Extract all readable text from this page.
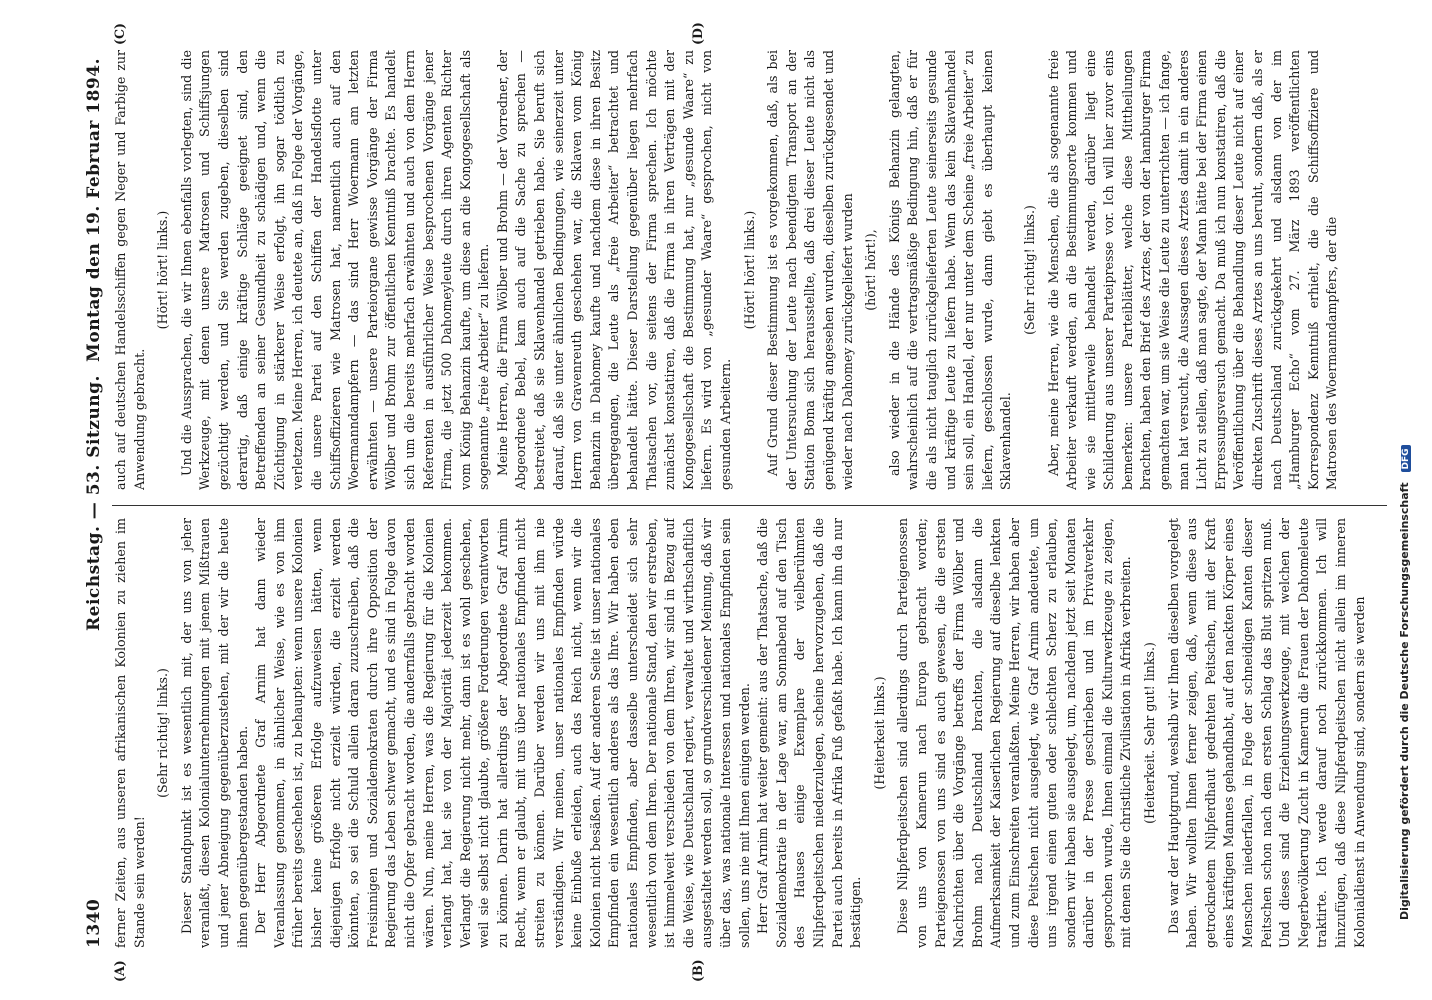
1340
Reichstag. — 53. Sitzung.
Montag den 19. Februar 1894.
(A)	(B)
(C)	(D)

ferner Zeiten, aus unseren afrikanischen Kolonien zu ziehen im Stande sein werden!

(Sehr richtig! links.) Dieser Standpunkt ist es wesentlich mit, der uns von jeher veranlaßt, diesen Kolonialunternehmungen mit jenem Mißtrauen und jener Abneigung gegenüberzustehen, mit der wir die heute ihnen gegenübergestanden haben. Der Herr Abgeordnete Graf Arnim hat dann wieder Veranlassung genommen, in ähnlicher Weise, wie es von ihm früher bereits geschehen ist, zu behaupten: wenn unsere Kolonien bisher keine größeren Erfolge aufzuweisen hätten, wenn diejenigen Erfolge nicht erzielt würden, die erzielt werden könnten, so sei die Schuld allein daran zuzuschreiben, daß die Freisinnigen und Sozialdemokraten durch ihre Opposition der Regierung das Leben schwer gemacht, und es sind in Folge davon nicht die Opfer gebracht worden, die andernfalls gebracht worden wären. Nun, meine Herren, was die Regierung für die Kolonien verlangt hat, hat sie von der Majorität jederzeit bekommen. Verlangt die Regierung nicht mehr, dann ist es wohl geschehen, weil sie selbst nicht glaubte, größere Forderungen verantworten zu können. Darin hat allerdings der Abgeordnete Graf Arnim Recht, wenn er glaubt, mit uns über nationales Empfinden nicht streiten zu können. Darüber werden wir uns mit ihm nie verständigen. Wir meinen, unser nationales Empfinden würde keine Einbuße erleiden, auch das Reich nicht, wenn wir die Kolonien nicht besäßen. Auf der anderen Seite ist unser nationales Empfinden ein wesentlich anderes als das Ihre. Wir haben eben nationales Empfinden, aber dasselbe unterscheidet sich sehr wesentlich von dem Ihren. Der nationale Stand, den wir erstreben, ist himmelweit verschieden von dem Ihren, wir sind in Bezug auf die Weise, wie Deutschland regiert, verwaltet und wirthschaftlich ausgestaltet werden soll, so grundverschiedener Meinung, daß wir über das, was nationale Interessen und nationales Empfinden sein sollen, uns nie mit Ihnen einigen werden. Herr Graf Arnim hat weiter gemeint: aus der Thatsache, daß die Sozialdemokratie in der Lage war, am Sonnabend auf den Tisch des Hauses einige Exemplare der vielberühmten Nilpferdpeitschen niederzulegen, scheine hervorzugehen, daß die Partei auch bereits in Afrika Fuß gefaßt habe. Ich kann ihn da nur bestätigen.

(Heiterkeit links.) Diese Nilpferdpeitschen sind allerdings durch Parteigenossen von uns von Kamerun nach Europa gebracht worden; Parteigenossen von uns sind es auch gewesen, die die ersten Nachrichten über die Vorgänge betreffs der Firma Wölber und Brohm nach Deutschland brachten, die alsdann die Aufmerksamkeit der Kaiserlichen Regierung auf dieselbe lenkten und zum Einschreiten veranlaßten. Meine Herren, wir haben aber diese Peitschen nicht ausgelegt, wie Graf Arnim andeutete, um uns irgend einen guten oder schlechten Scherz zu erlauben, sondern wir haben sie ausgelegt, um, nachdem jetzt seit Monaten darüber in der Presse geschrieben und im Privatverkehr gesprochen wurde, Ihnen einmal die Kulturwerkzeuge zu zeigen, mit denen Sie die christliche Zivilisation in Afrika verbreiten. (Heiterkeit. Sehr gut! links.) Das war der Hauptgrund, weshalb wir Ihnen dieselben vorgelegt haben. Wir wollten Ihnen ferner zeigen, daß, wenn diese aus getrocknetem Nilpferdhaut gedrehten Peitschen, mit der Kraft eines kräftigen Mannes gehandhabt, auf den nackten Körper eines Menschen niederfallen, in Folge der schneidigen Kanten dieser Peitschen schon nach dem ersten Schlag das Blut spritzen muß. Und dieses sind die Erziehungswerkzeuge, mit welchen der Negerbevölkerung Zucht in Kamerun die Frauen der Dahomeleute traktirte. Ich werde darauf noch zurückkommen. Ich will hinzufügen, daß diese Nilpferdpeitschen nicht allein im inneren Kolonialdienst in Anwendung sind, sondern sie werden

auch auf deutschen Handelsschiffen gegen Neger und Farbige zur Anwendung gebracht.

(Hört! hört! links.) Und die Aussprachen, die wir Ihnen ebenfalls vorlegten, sind die Werkzeuge, mit denen unsere Matrosen und Schiffsjungen gezüchtigt werden, und Sie werden zugeben, dieselben sind derartig, daß einige kräftige Schläge geeignet sind, den Betreffenden an seiner Gesundheit zu schädigen und, wenn die Züchtigung in stärkerer Weise erfolgt, ihn sogar tödtlich zu verletzen. Meine Herren, ich deutete an, daß in Folge der Vorgänge, die unsere Partei auf den Schiffen der Handelsflotte unter Schiffsoffizieren wie Matrosen hat, namentlich auch auf den Woermanndampfern — das sind Herr Woermann am letzten erwähnten — unsere Parteiorgane gewisse Vorgänge der Firma Wölber und Brohm zur öffentlichen Kenntniß brachte. Es handelt sich um die bereits mehrfach erwähnten und auch von dem Herrn Referenten in ausführlicher Weise besprochenen Vorgänge jener Firma, die jetzt 500 Dahomeyleute durch ihren Agenten Richter vom König Behanzin kaufte, um diese an die Kongogesellschaft als sogenannte „freie Arbeiter“ zu liefern. Meine Herren, die Firma Wölber und Brohm — der Vorredner, der Abgeordnete Bebel, kam auch auf die Sache zu sprechen — bestreitet, daß sie Sklavenhandel getrieben habe. Sie beruft sich darauf, daß sie unter ähnlichen Bedingungen, wie seinerzeit unter Herrn von Gravenreuth geschehen war, die Sklaven vom König Behanzin in Dahomey kaufte und nachdem diese in ihren Besitz übergegangen, die Leute als „freie Arbeiter“ betrachtet und behandelt hätte. Dieser Darstellung gegenüber liegen mehrfach Thatsachen vor, die seitens der Firma sprechen. Ich möchte zunächst konstatiren, daß die Firma in ihren Verträgen mit der Kongogesellschaft die Bestimmung hat, nur „gesunde Waare“ zu liefern. Es wird von „gesunder Waare“ gesprochen, nicht von gesunden Arbeitern.

(Hört! hört! links.) Auf Grund dieser Bestimmung ist es vorgekommen, daß, als bei der Untersuchung der Leute nach beendigtem Transport an der Station Boma sich herausstellte, daß drei dieser Leute nicht als genügend kräftig angesehen wurden, dieselben zurückgesendet und wieder nach Dahomey zurückgeliefert wurden (hört! hört!), also wieder in die Hände des Königs Behanzin gelangten, wahrscheinlich auf die vertragsmäßige Bedingung hin, daß er für die als nicht tauglich zurückgelieferten Leute seinerseits gesunde und kräftige Leute zu liefern habe. Wenn das kein Sklavenhandel sein soll, ein Handel, der nur unter dem Scheine „freie Arbeiter“ zu liefern, geschlossen wurde, dann giebt es überhaupt keinen Sklavenhandel.

(Sehr richtig! links.) Aber, meine Herren, wie die Menschen, die als sogenannte freie Arbeiter verkauft werden, an die Bestimmungsorte kommen und wie sie mittlerweile behandelt werden, darüber liegt eine Schilderung aus unserer Parteipresse vor. Ich will hier zuvor eins bemerken: unsere Parteiblätter, welche diese Mittheilungen brachten, haben den Brief des Arztes, der von der hamburger Firma gemachten war, um sie Weise die Leute zu unterrichten — ich fange, man hat versucht, die Aussagen dieses Arztes damit in ein anderes Licht zu stellen, daß man sagte, der Mann hätte bei der Firma einen Erpressungsversuch gemacht. Da muß ich nun konstatiren, daß die Veröffentlichung über die Behandlung dieser Leute nicht auf einer direkten Zuschrift dieses Arztes an uns beruht, sondern daß, als er nach Deutschland zurückgekehrt und alsdann von der im „Hamburger Echo“ vom 27. März 1893 veröffentlichten Korrespondenz Kenntniß erhielt, die die Schiffsoffiziere und Matrosen des Woermanndampfers, der die

Digitalisierung gefördert durch die Deutsche Forschungsgemeinschaft DFG
